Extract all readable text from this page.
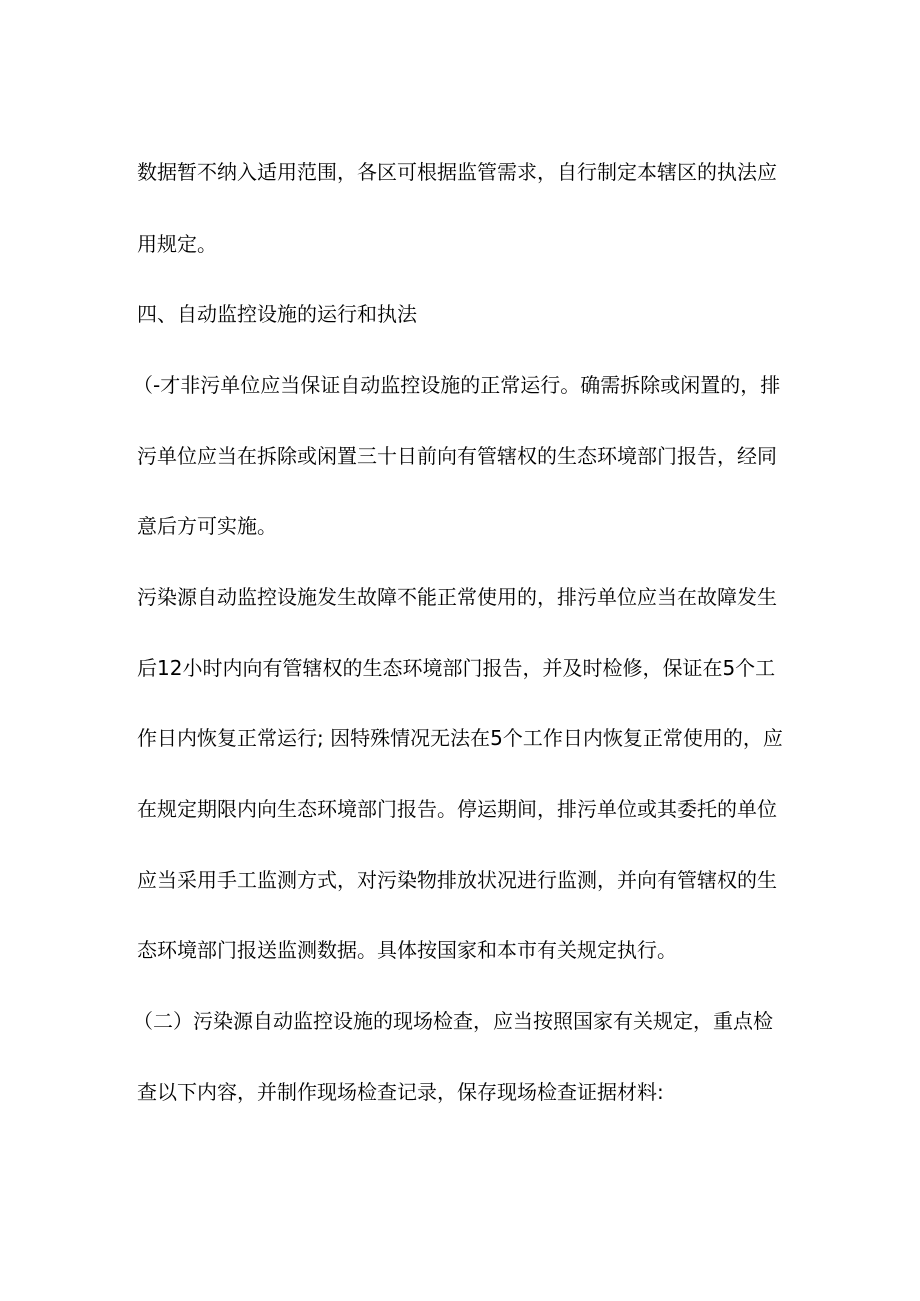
数据暂不纳入适用范围，各区可根据监管需求，自行制定本辖区的执法应

用规定。

四、自动监控设施的运行和执法

（-才非污单位应当保证自动监控设施的正常运行。确需拆除或闲置的，排

污单位应当在拆除或闲置三十日前向有管辖权的生态环境部门报告，经同

意后方可实施。

污染源自动监控设施发生故障不能正常使用的，排污单位应当在故障发生

后12小时内向有管辖权的生态环境部门报告，并及时检修，保证在5个工

作日内恢复正常运行; 因特殊情况无法在5个工作日内恢复正常使用的，应

在规定期限内向生态环境部门报告。停运期间，排污单位或其委托的单位

应当采用手工监测方式，对污染物排放状况进行监测，并向有管辖权的生

态环境部门报送监测数据。具体按国家和本市有关规定执行。

（二）污染源自动监控设施的现场检查，应当按照国家有关规定，重点检

查以下内容，并制作现场检查记录，保存现场检查证据材料:
